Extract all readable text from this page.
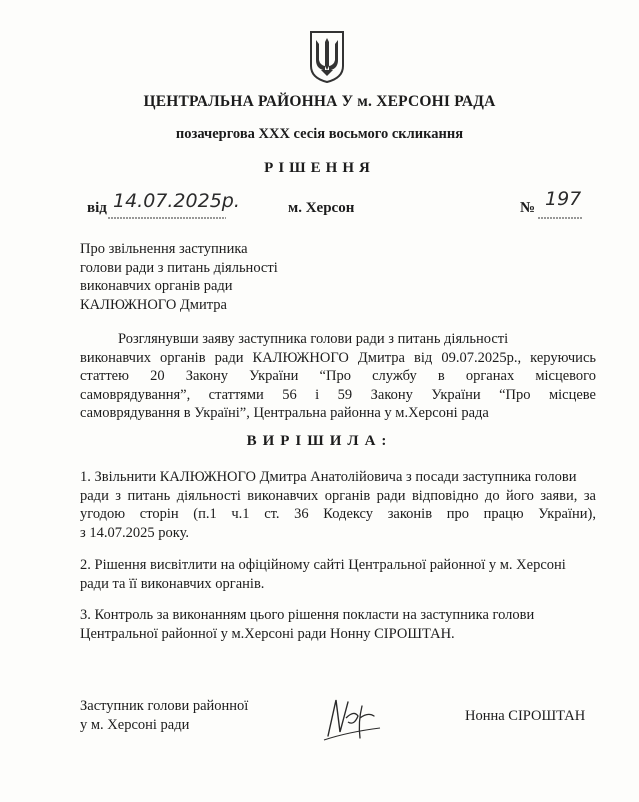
ЦЕНТРАЛЬНА РАЙОННА У м. ХЕРСОНІ РАДА
позачергова XXX сесія восьмого скликання
РІШЕННЯ
від 14.07.2025р.	м. Херсон	№ 197
Про звільнення заступника
голови ради з питань діяльності
виконавчих органів ради
КАЛЮЖНОГО Дмитра
Розглянувши заяву заступника голови ради з питань діяльності
виконавчих органів ради КАЛЮЖНОГО Дмитра від 09.07.2025р., керуючись
статтею 20 Закону України “Про службу в органах місцевого
самоврядування”, статтями 56 і 59 Закону України “Про місцеве
самоврядування в Україні”, Центральна районна у м.Херсоні рада
ВИРІШИЛА:
1. Звільнити КАЛЮЖНОГО Дмитра Анатолійовича з посади заступника голови
ради з питань діяльності виконавчих органів ради відповідно до його заяви, за
угодою сторін (п.1 ч.1 ст. 36 Кодексу законів про працю України),
з 14.07.2025 року.
2. Рішення висвітлити на офіційному сайті Центральної районної у м. Херсоні
ради та її виконавчих органів.
3. Контроль за виконанням цього рішення покласти на заступника голови
Центральної районної у м.Херсоні ради Нонну СІРОШТАН.
Заступник голови районної
у м. Херсоні ради
Нонна СІРОШТАН
